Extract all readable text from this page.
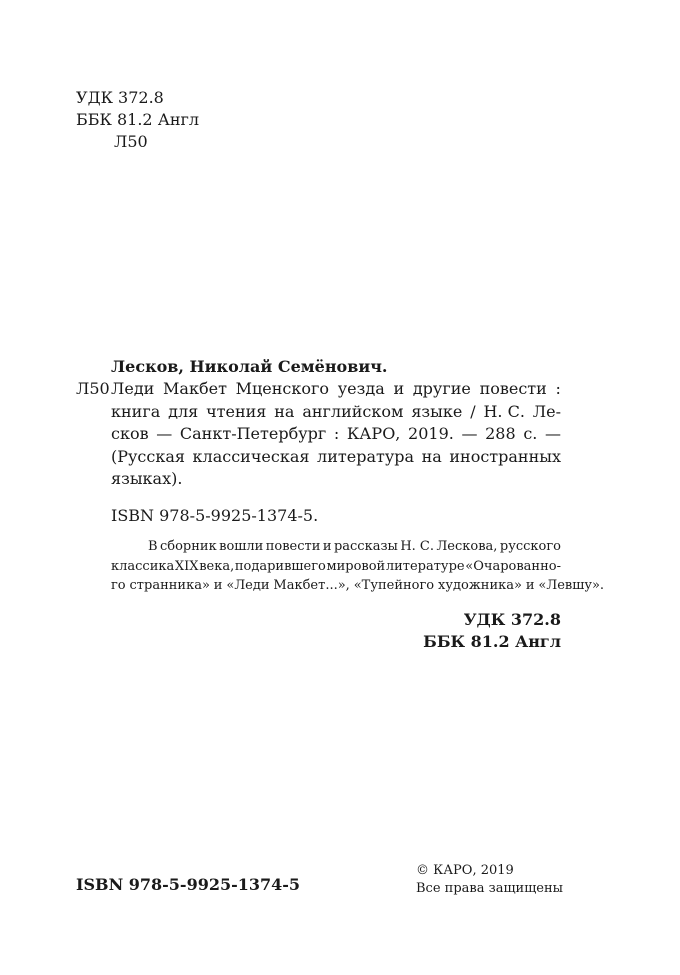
УДК 372.8
ББК 81.2 Англ
Л50
Лесков, Николай Семёнович.
Л50 Леди Макбет Мценского уезда и другие повести :
книга для чтения на английском языке / Н. С. Ле-
сков — Санкт-Петербург : КАРО, 2019. — 288 с. —
(Русская классическая литература на иностранных
языках).
ISBN 978-5-9925-1374-5.
В сборник вошли повести и рассказы Н. С. Лескова, русского
классика XIX века, подарившего мировой литературе «Очарованно-
го странника» и «Леди Макбет...», «Тупейного художника» и «Левшу».
УДК 372.8
ББК 81.2 Англ
ISBN 978-5-9925-1374-5
© КАРО, 2019
Все права защищены
